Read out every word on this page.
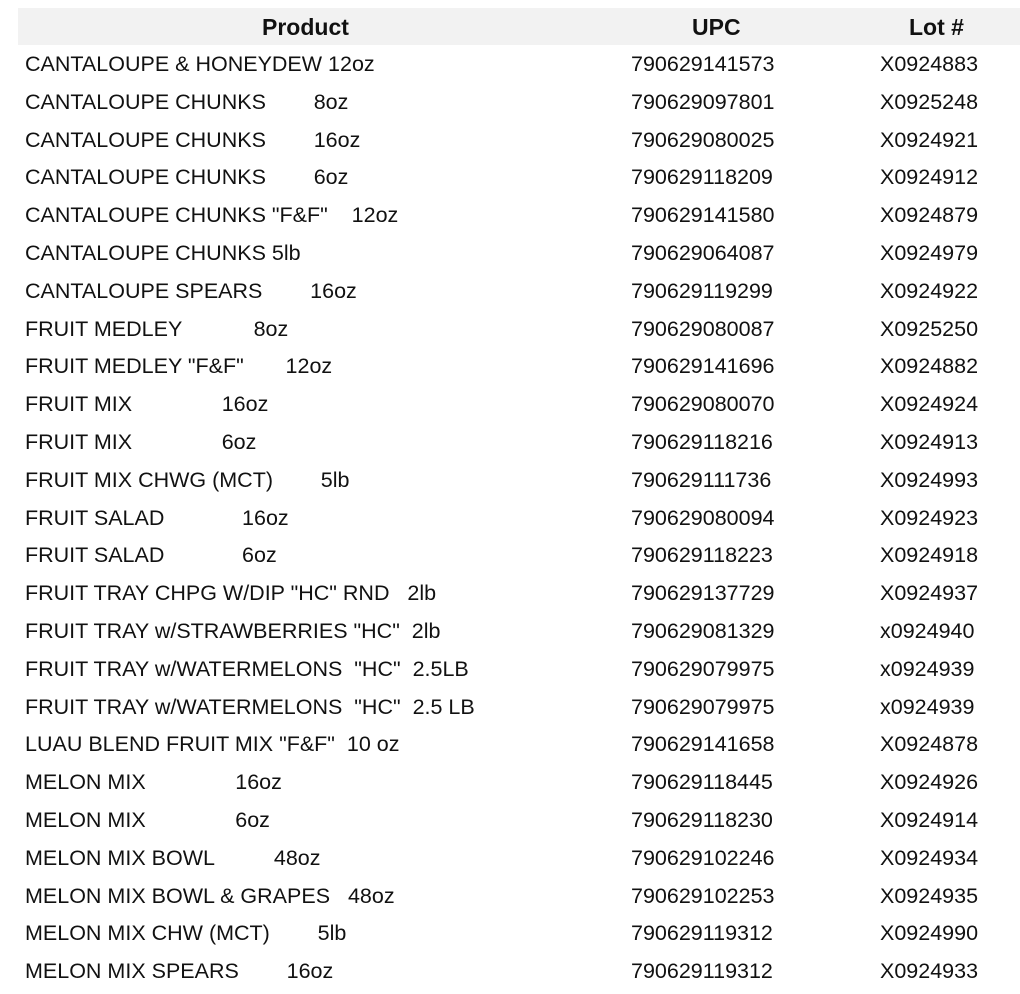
Product	UPC	Lot #
CANTALOUPE & HONEYDEW 12oz	790629141573	X0924883
CANTALOUPE CHUNKS        8oz	790629097801	X0925248
CANTALOUPE CHUNKS        16oz	790629080025	X0924921
CANTALOUPE CHUNKS        6oz	790629118209	X0924912
CANTALOUPE CHUNKS "F&F"    12oz	790629141580	X0924879
CANTALOUPE CHUNKS 5lb	790629064087	X0924979
CANTALOUPE SPEARS        16oz	790629119299	X0924922
FRUIT MEDLEY            8oz	790629080087	X0925250
FRUIT MEDLEY "F&F"       12oz	790629141696	X0924882
FRUIT MIX               16oz	790629080070	X0924924
FRUIT MIX               6oz	790629118216	X0924913
FRUIT MIX CHWG (MCT)        5lb	790629111736	X0924993
FRUIT SALAD             16oz	790629080094	X0924923
FRUIT SALAD             6oz	790629118223	X0924918
FRUIT TRAY CHPG W/DIP "HC" RND   2lb	790629137729	X0924937
FRUIT TRAY w/STRAWBERRIES "HC"  2lb	790629081329	x0924940
FRUIT TRAY w/WATERMELONS  "HC"  2.5LB	790629079975	x0924939
FRUIT TRAY w/WATERMELONS  "HC"  2.5 LB	790629079975	x0924939
LUAU BLEND FRUIT MIX "F&F"  10 oz	790629141658	X0924878
MELON MIX               16oz	790629118445	X0924926
MELON MIX               6oz	790629118230	X0924914
MELON MIX BOWL          48oz	790629102246	X0924934
MELON MIX BOWL & GRAPES   48oz	790629102253	X0924935
MELON MIX CHW (MCT)        5lb	790629119312	X0924990
MELON MIX SPEARS        16oz	790629119312	X0924933
